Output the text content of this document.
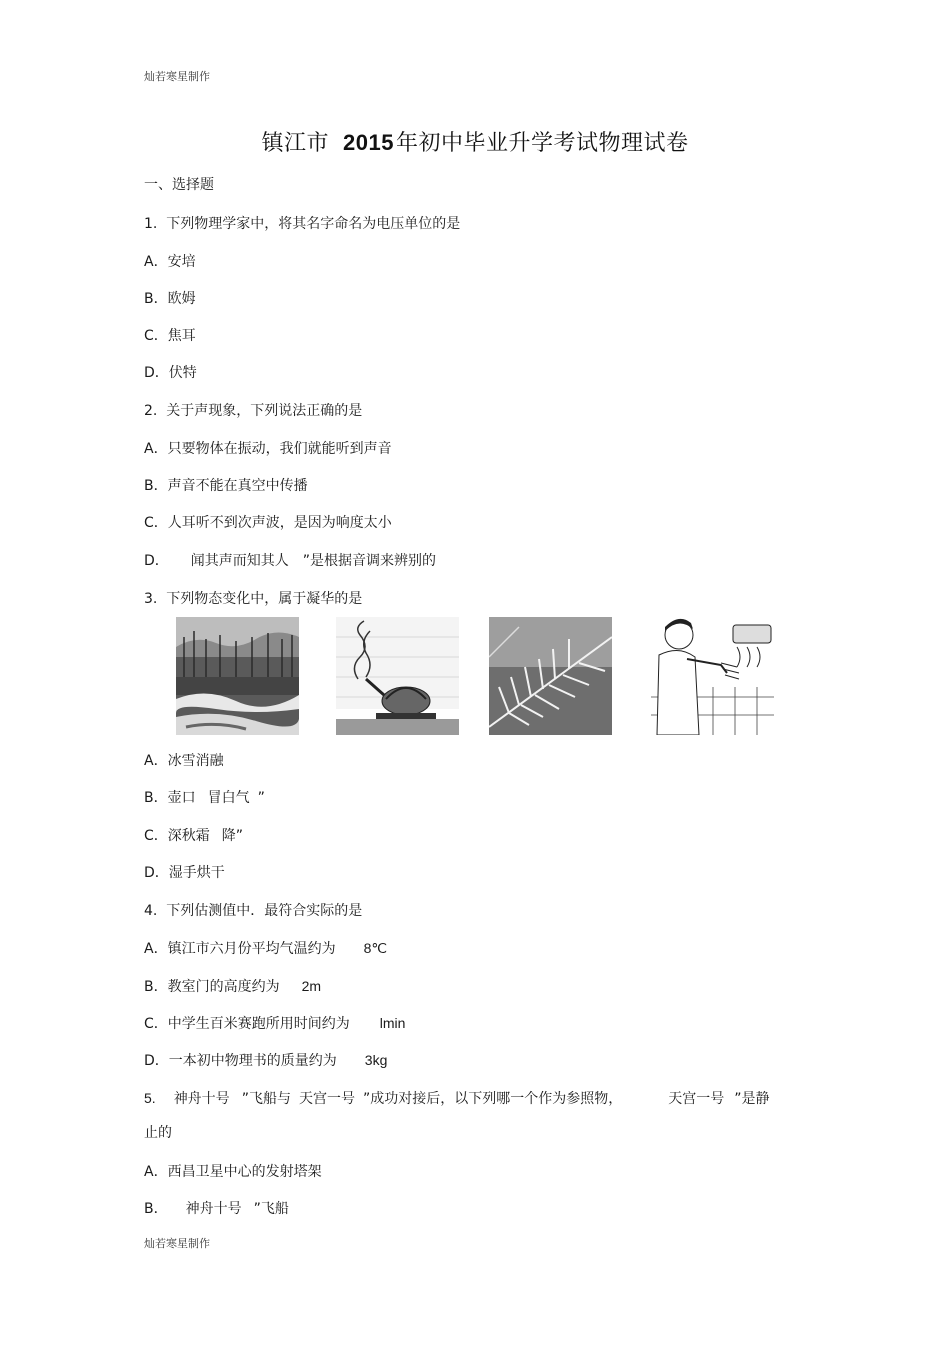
灿若寒星制作
镇江市 2015年初中毕业升学考试物理试卷
一、选择题
1.  下列物理学家中，将其名字命名为电压单位的是
A．安培
B．欧姆
C．焦耳
D．伏特
2.  关于声现象，下列说法正确的是
A．只要物体在振动，我们就能听到声音
B．声音不能在真空中传播
C．人耳听不到次声波，是因为响度太小
D． 闻其声而知其人 ”是根据音调来辨别的
3.  下列物态变化中，属于凝华的是
A．冰雪消融
B．壶口 冒白气 ”
C．深秋霜 降”
D．湿手烘干
4.  下列估测值中．最符合实际的是
A．镇江市六月份平均气温约为 8℃
B．教室门的高度约为 2m
C．中学生百米赛跑所用时间约为 lmin
D．一本初中物理书的质量约为 3kg
5. 神舟十号 ”飞船与 天宫一号 ”成功对接后，以下列哪一个作为参照物，	天宫一号 ”是静
止的
A．西昌卫星中心的发射塔架
B． 神舟十号 ”飞船
灿若寒星制作
